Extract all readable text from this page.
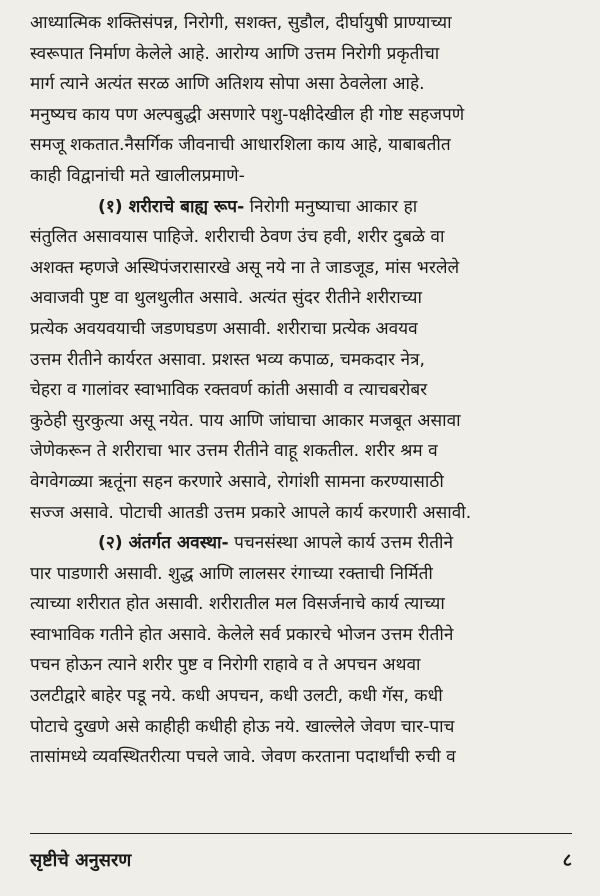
आध्यात्मिक शक्तिसंपन्न, निरोगी, सशक्त, सुडौल, दीर्घायुषी प्राण्याच्या
स्वरूपात निर्माण केलेले आहे. आरोग्य आणि उत्तम निरोगी प्रकृतीचा
मार्ग त्याने अत्यंत सरळ आणि अतिशय सोपा असा ठेवलेला आहे.
मनुष्यच काय पण अल्पबुद्धी असणारे पशु-पक्षीदेखील ही गोष्ट सहजपणे
समजू शकतात.नैसर्गिक जीवनाची आधारशिला काय आहे, याबाबतीत
काही विद्वानांची मते खालीलप्रमाणे-

(१) शरीराचे बाह्य रूप- निरोगी मनुष्याचा आकार हा
संतुलित असावयास पाहिजे. शरीराची ठेवण उंच हवी, शरीर दुबळे वा
अशक्त म्हणजे अस्थिपंजरासारखे असू नये ना ते जाडजूड, मांस भरलेले
अवाजवी पुष्ट वा थुलथुलीत असावे. अत्यंत सुंदर रीतीने शरीराच्या
प्रत्येक अवयवयाची जडणघडण असावी. शरीराचा प्रत्येक अवयव
उत्तम रीतीने कार्यरत असावा. प्रशस्त भव्य कपाळ, चमकदार नेत्र,
चेहरा व गालांवर स्वाभाविक रक्तवर्ण कांती असावी व त्याचबरोबर
कुठेही सुरकुत्या असू नयेत. पाय आणि जांघाचा आकार मजबूत असावा
जेणेकरून ते शरीराचा भार उत्तम रीतीने वाहू शकतील. शरीर श्रम व
वेगवेगळ्या ऋतूंना सहन करणारे असावे, रोगांशी सामना करण्यासाठी
सज्ज असावे. पोटाची आतडी उत्तम प्रकारे आपले कार्य करणारी असावी.

(२) अंतर्गत अवस्था- पचनसंस्था आपले कार्य उत्तम रीतीने
पार पाडणारी असावी. शुद्ध आणि लालसर रंगाच्या रक्ताची निर्मिती
त्याच्या शरीरात होत असावी. शरीरातील मल विसर्जनाचे कार्य त्याच्या
स्वाभाविक गतीने होत असावे. केलेले सर्व प्रकारचे भोजन उत्तम रीतीने
पचन होऊन त्याने शरीर पुष्ट व निरोगी राहावे व ते अपचन अथवा
उलटीद्वारे बाहेर पडू नये. कधी अपचन, कधी उलटी, कधी गॅस, कधी
पोटाचे दुखणे असे काहीही कधीही होऊ नये. खाल्लेले जेवण चार-पाच
तासांमध्ये व्यवस्थितरीत्या पचले जावे. जेवण करताना पदार्थांची रुची व

सृष्टीचे अनुसरण	८
